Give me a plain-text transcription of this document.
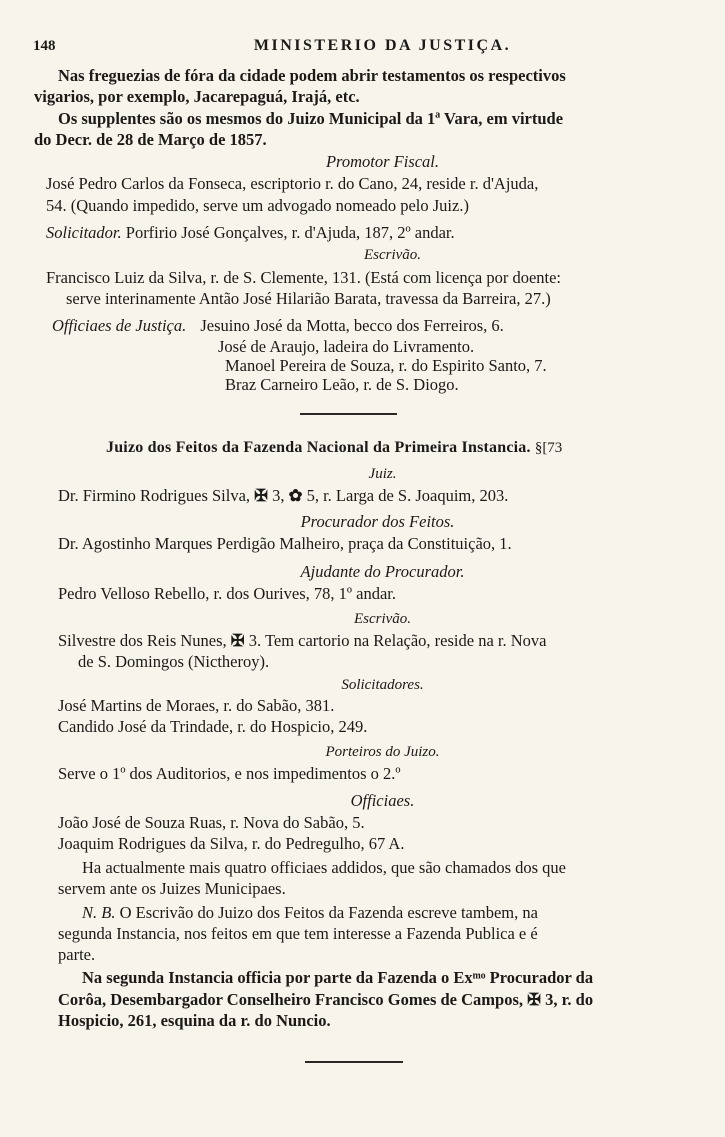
148	MINISTERIO DA JUSTIÇA.
Nas freguezias de fóra da cidade podem abrir testamentos os respectivos
vigarios, por exemplo, Jacarepaguá, Irajá, etc.
Os supplentes são os mesmos do Juizo Municipal da 1ª Vara, em virtude
do Decr. de 28 de Março de 1857.
Promotor Fiscal.
José Pedro Carlos da Fonseca, escriptorio r. do Cano, 24, reside r. d'Ajuda,
54. (Quando impedido, serve um advogado nomeado pelo Juiz.)
Solicitador. Porfirio José Gonçalves, r. d'Ajuda, 187, 2º andar.
Escrivão.
Francisco Luiz da Silva, r. de S. Clemente, 131. (Está com licença por doente:
serve interinamente Antão José Hilarião Barata, travessa da Barreira, 27.)
Officiaes de Justiça. Jesuino José da Motta, becco dos Ferreiros, 6.
José de Araujo, ladeira do Livramento.
Manoel Pereira de Souza, r. do Espirito Santo, 7.
Braz Carneiro Leão, r. de S. Diogo.
Juizo dos Feitos da Fazenda Nacional da Primeira Instancia. §[73
Juiz.
Dr. Firmino Rodrigues Silva, ✠ 3, ✿ 5, r. Larga de S. Joaquim, 203.
Procurador dos Feitos.
Dr. Agostinho Marques Perdigão Malheiro, praça da Constituição, 1.
Ajudante do Procurador.
Pedro Velloso Rebello, r. dos Ourives, 78, 1º andar.
Escrivão.
Silvestre dos Reis Nunes, ✠ 3. Tem cartorio na Relação, reside na r. Nova
de S. Domingos (Nictheroy).
Solicitadores.
José Martins de Moraes, r. do Sabão, 381.
Candido José da Trindade, r. do Hospicio, 249.
Porteiros do Juizo.
Serve o 1º dos Auditorios, e nos impedimentos o 2.º
Officiaes.
João José de Souza Ruas, r. Nova do Sabão, 5.
Joaquim Rodrigues da Silva, r. do Pedregulho, 67 A.
Ha actualmente mais quatro officiaes addidos, que são chamados dos que
servem ante os Juizes Municipaes.
N. B. O Escrivão do Juizo dos Feitos da Fazenda escreve tambem, na
segunda Instancia, nos feitos em que tem interesse a Fazenda Publica e é
parte.
Na segunda Instancia officia por parte da Fazenda o Exᵐᵒ Procurador da
Corôa, Desembargador Conselheiro Francisco Gomes de Campos, ✠ 3, r. do
Hospicio, 261, esquina da r. do Nuncio.
